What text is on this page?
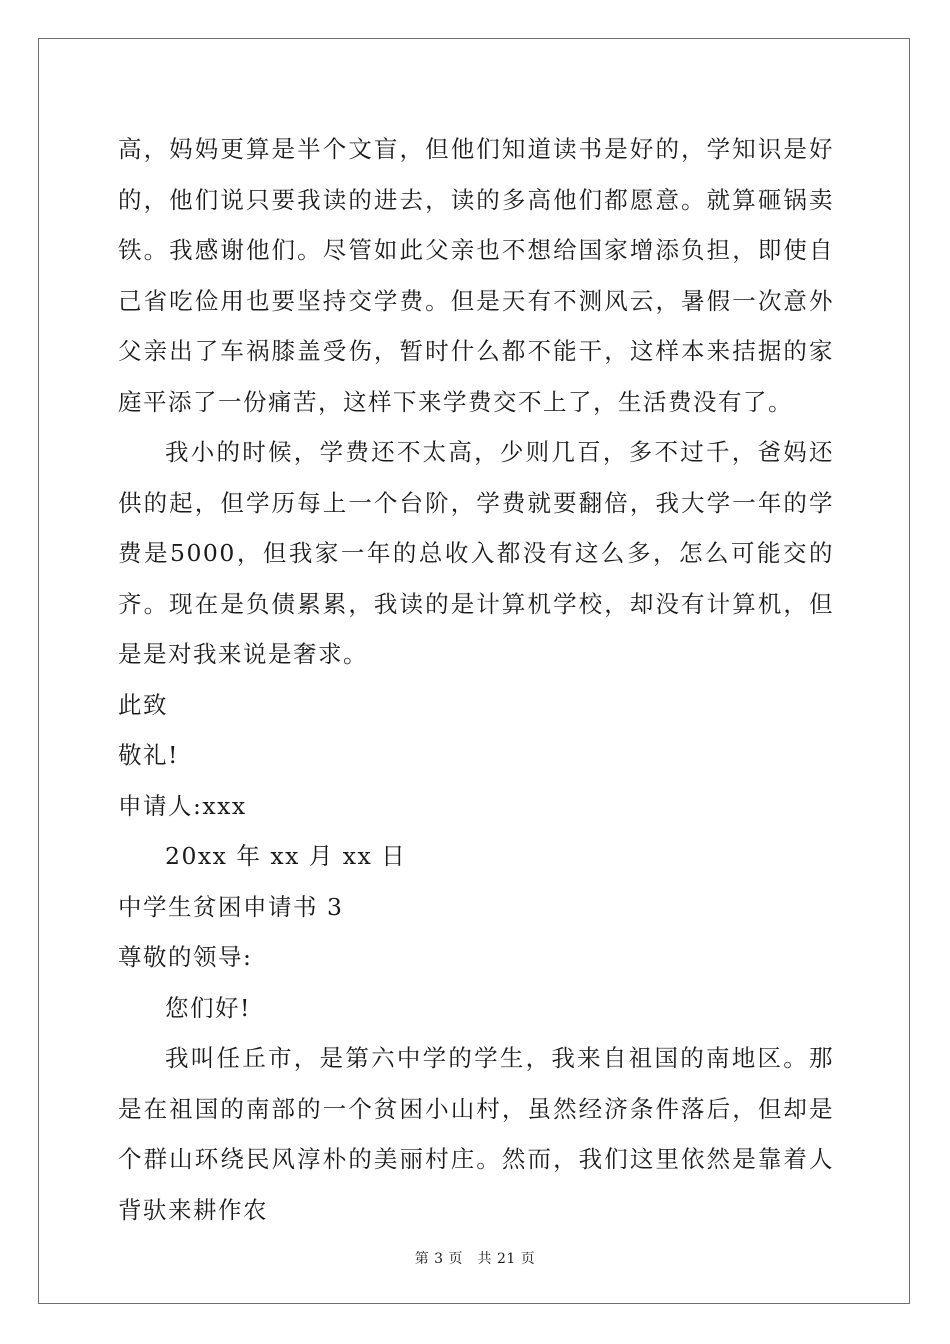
高，妈妈更算是半个文盲，但他们知道读书是好的，学知识是好的，他们说只要我读的进去，读的多高他们都愿意。就算砸锅卖铁。我感谢他们。尽管如此父亲也不想给国家增添负担，即使自己省吃俭用也要坚持交学费。但是天有不测风云，暑假一次意外父亲出了车祸膝盖受伤，暂时什么都不能干，这样本来拮据的家庭平添了一份痛苦，这样下来学费交不上了，生活费没有了。

我小的时候，学费还不太高，少则几百，多不过千，爸妈还供的起，但学历每上一个台阶，学费就要翻倍，我大学一年的学费是5000，但我家一年的总收入都没有这么多，怎么可能交的齐。现在是负债累累，我读的是计算机学校，却没有计算机，但是是对我来说是奢求。

此致

敬礼!

申请人:xxx

20xx 年 xx 月 xx 日

中学生贫困申请书 3

尊敬的领导:

您们好!

我叫任丘市，是第六中学的学生，我来自祖国的南地区。那是在祖国的南部的一个贫困小山村，虽然经济条件落后，但却是个群山环绕民风淳朴的美丽村庄。然而，我们这里依然是靠着人背驮来耕作农

第 3 页　共 21 页
